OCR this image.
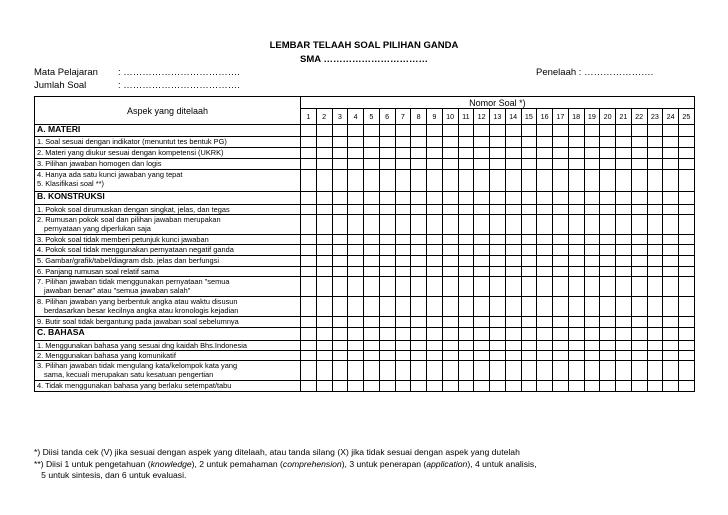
LEMBAR TELAAH SOAL PILIHAN GANDA
SMA ……………………………
Mata Pelajaran : ……………………………….	Penelaah : ………………….
Jumlah Soal	: ……………………………….
Aspek yang ditelaah	Nomor Soal *)																								
	1	2	3	4	5	6	7	8	9	10	11	12	13	14	15	16	17	18	19	20	21	22	23	24	25
A. MATERI																									
1. Soal sesuai dengan indikator (menuntut tes bentuk PG)																									
2. Materi yang diukur sesuai dengan kompetensi (UKRK)																									
3. Pilihan jawaban homogen dan logis																									
4. Hanya ada satu kunci jawaban yang tepat
5. Klasifikasi soal **)																									

B. KONSTRUKSI																									
1. Pokok soal dirumuskan dengan singkat, jelas, dan tegas																									
2. Rumusan pokok soal dan pilihan jawaban merupakan
pernyataan yang diperlukan saja																									

3. Pokok soal tidak memberi petunjuk kunci jawaban																									
4. Pokok soal tidak menggunakan pernyataan negatif ganda																									
5. Gambar/grafik/tabel/diagram dsb. jelas dan berfungsi																									
6. Panjang rumusan soal relatif sama																									
7. Pilihan jawaban tidak menggunakan pernyataan "semua
jawaban benar" atau "semua jawaban salah"																									

8. Pilihan jawaban yang berbentuk angka atau waktu disusun
berdasarkan besar kecilnya angka atau kronologis kejadian																									

9. Butir soal tidak bergantung pada jawaban soal sebelumnya																									
C. BAHASA																									
1. Menggunakan bahasa yang sesuai dng kaidah Bhs.Indonesia																									
2. Menggunakan bahasa yang komunikatif																									
3. Pilihan jawaban tidak mengulang kata/kelompok kata yang
sama, kecuali merupakan satu kesatuan pengertian																									

4. Tidak menggunakan bahasa yang berlaku setempat/tabu																									
*) Diisi tanda cek (V) jika sesuai dengan aspek yang ditelaah, atau tanda silang (X) jika tidak sesuai dengan aspek yang dutelah
**) Diisi 1 untuk pengetahuan (knowledge), 2 untuk pemahaman (comprehension), 3 untuk penerapan (application), 4 untuk analisis,
5 untuk sintesis, dan 6 untuk evaluasi.
